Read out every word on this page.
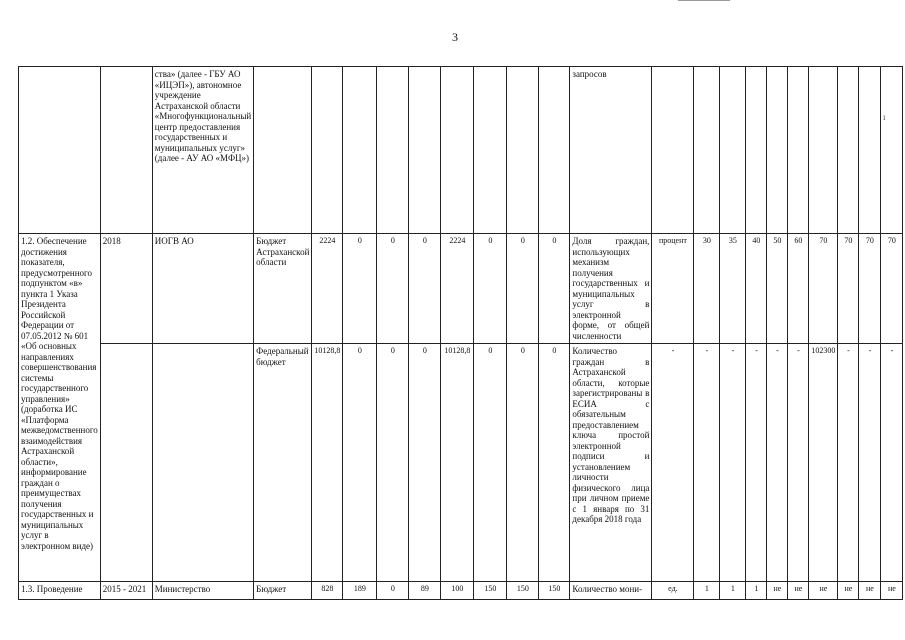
3
ı
		ства» (далее - ГБУ АО «ИЦЭП»), автономное учреждение Астраханской области «Многофункциональный центр предоставления государственных и муниципальных услуг» (далее - АУ АО «МФЦ»)										запросов										
1.2. Обеспечение достижения показателя, предусмотренного подпунктом «в» пункта 1 Указа Президента Российской Федерации от 07.05.2012 № 601 «Об основных направлениях совершенствования системы государственного управления» (доработка ИС «Платформа межведомственного взаимодействия Астраханской области», информирование граждан о преимуществах получения государственных и муниципальных услуг в электронном виде)	2018	ИОГВ АО	Бюджет Астраханской области	2224	0	0	0	2224	0	0	0	Доля граждан, использующих механизм получения государственных и муниципальных услуг в электронной форме, от общей численности	процент	30	35	40	50	60	70	70	70	70
			Федеральный бюджет	10128,8	0	0	0	10128,8	0	0	0	Количество граждан в Астраханской области, которые зарегистрированы в ЕСИА с обязательным предоставлением ключа простой электронной подписи и установлением личности физического лица при личном приеме с 1 января по 31 декабря 2018 года	-	-	-	-	-	-	102300	-	-	-
1.3. Проведение	2015 - 2021	Министерство	Бюджет	828	189	0	89	100	150	150	150	Количество мони-	ед.	1	1	1	не	не	не	не	не	не
